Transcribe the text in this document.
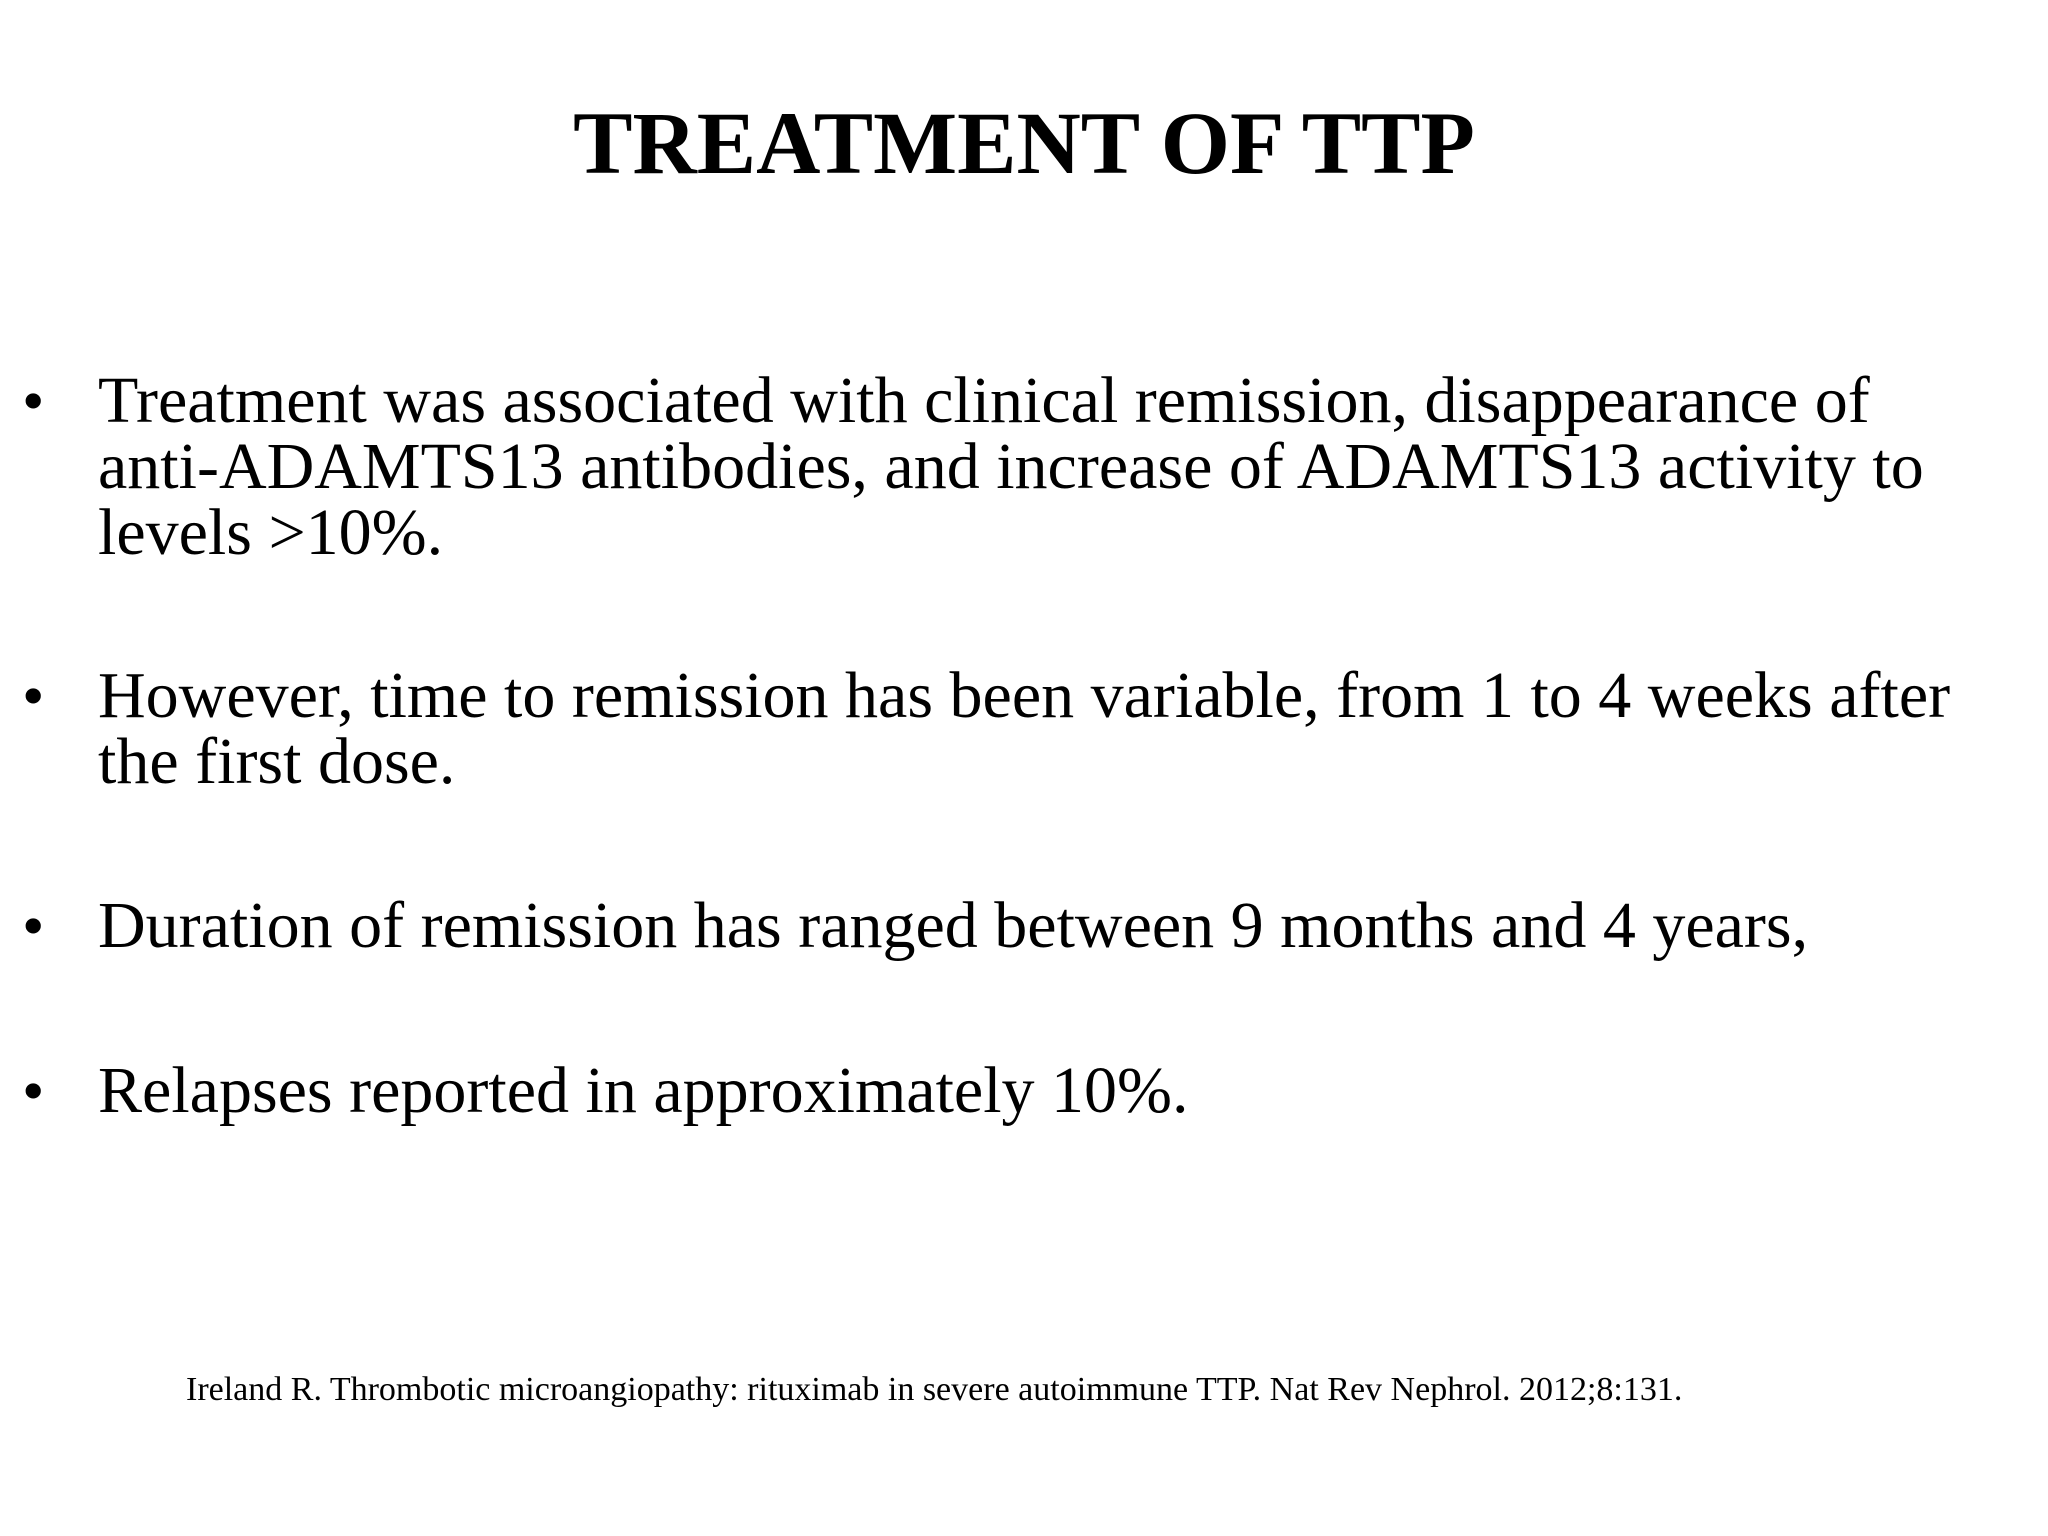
TREATMENT OF TTP
• Treatment was associated with clinical remission, disappearance of
anti-ADAMTS13 antibodies, and increase of ADAMTS13 activity to
levels >10%.
• However, time to remission has been variable, from 1 to 4 weeks after
the first dose.
• Duration of remission has ranged between 9 months and 4 years,
• Relapses reported in approximately 10%.
Ireland R. Thrombotic microangiopathy: rituximab in severe autoimmune TTP. Nat Rev Nephrol. 2012;8:131.
